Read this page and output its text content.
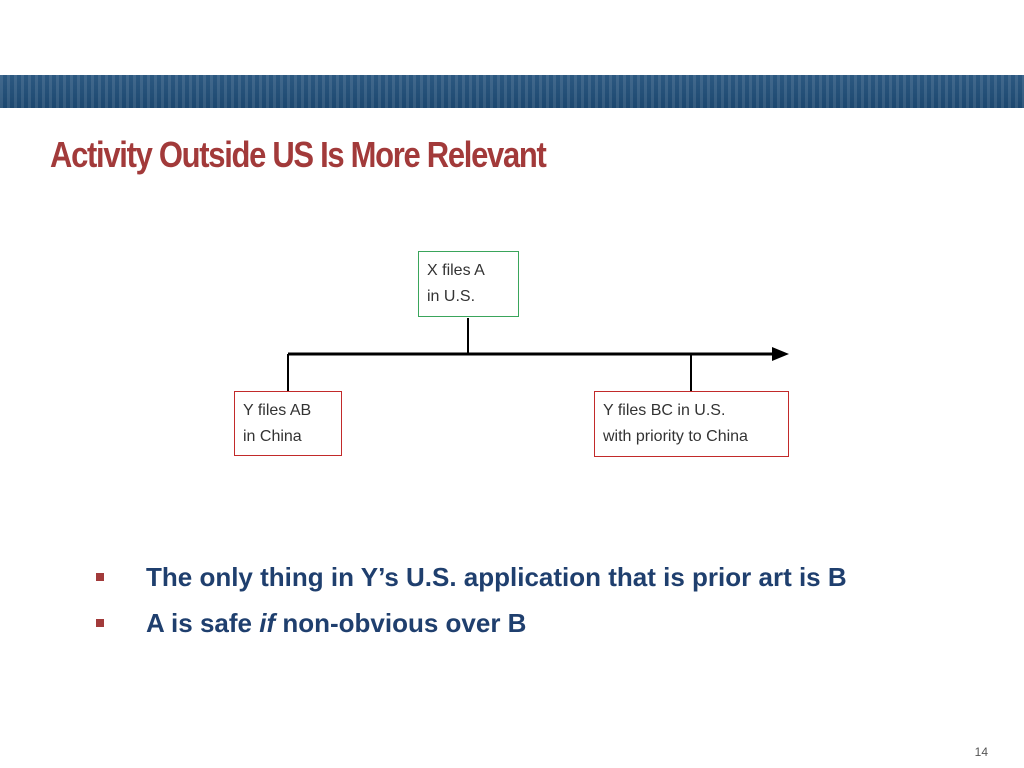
Activity Outside US Is More Relevant
X files A
in U.S.
Y files AB
in China
Y files BC in U.S.
with priority to China
The only thing in Y’s U.S. application that is prior art is B
A is safe if non-obvious over B
14
